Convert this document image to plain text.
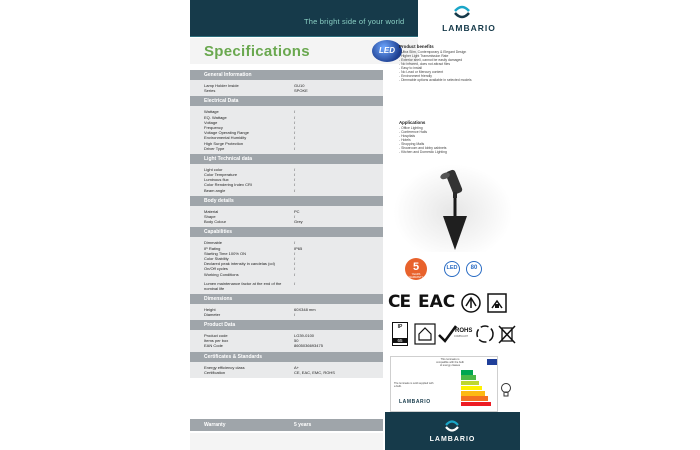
The bright side of your world
LAMBARIO
Specifications	LED
General Information
Lamp Holder Inside	GU10
Series	SPOKE
Electrical Data
Wattage	/
EQ. Wattage	/
Voltage	/
Frequency	/
Voltage Operating Range	/
Environmental Humidity	/
High Surge Protection	/
Driver Type	/
Light Technical data
Light color	/
Color Temperature	/
Luminous flux	/
Color Rendering Index CRI	/
Beam angle	/
Body details
Material	PC
Shape	/
Body Colour	Grey
Capabilities
Dimmable	/
IP Rating	IP65
Starting Time 100% ON	/
Color Stability	/
Declared peak intensity in candelas (cd)	/
On/Off cycles	/
Working Conditions	/
Lumen maintenance factor at the end of the nominal life
/
Dimensions
Height	60X348 mm
Diameter	/
Product Data
Product code	LG39-0100
Items per box	50
EAN Code	8605036693475
Certificates & Standards
Energy efficiency class	A+
Certification	CE, EAC, EMC, ROHS
Warranty	5 years
Product benefits
- Ultra Slim, Contemporary & Elegant Design
- Higher Light Transmission Rate
- Exterior shell, cannot be easily damaged
- No infrared, does not attract flies
- Easy to install
- No Lead or Mercury content
- Environment friendly
- Dimmable options available in selected models
Applications
- Office Lighting
- Conference Halls
- Hospitals
- Hotels
- Shopping Malls
- Showroom and lobby cabinets
- Kitchen and Domestic Lighting
5
YEARS WARRANTY
LED	80
CE EAC
IP
65
ROHS
COMPLIANT
This luminaire is compatible with the bulb of energy classes
The luminaire is sold supplied with a bulb.
LAMBARIO
LAMBARIO
